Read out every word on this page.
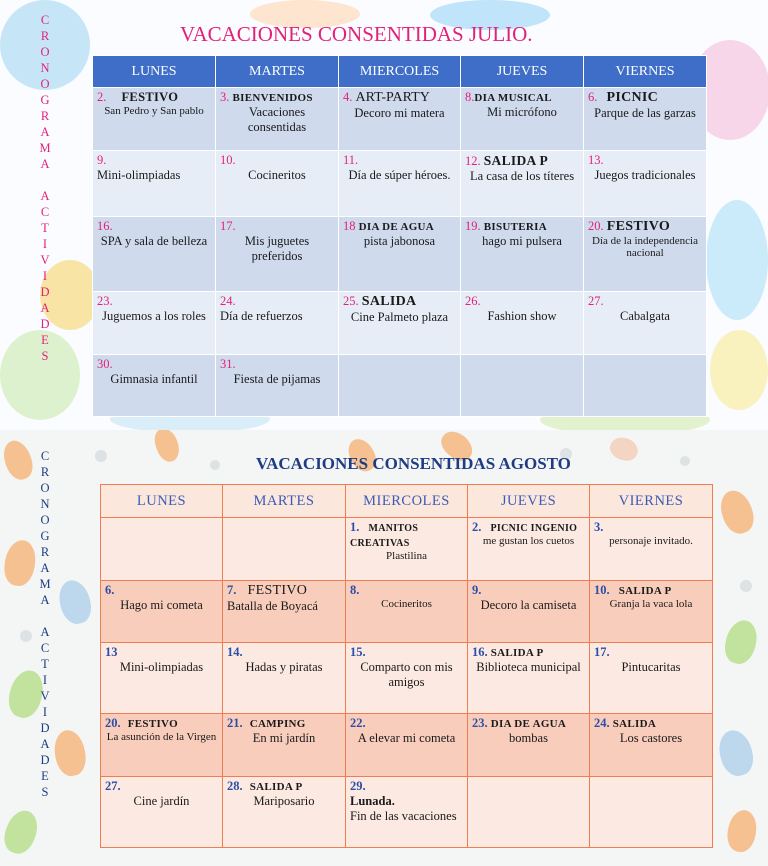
C
R
O
N
O
G
R
A
M
A

A
C
T
I
V
I
D
A
D
E
S
VACACIONES CONSENTIDAS JULIO.
LUNES	MARTES	MIERCOLES	JUEVES	VIERNES
2. FESTIVO
San Pedro y San pablo	3. BIENVENIDOS
Vacaciones consentidas	4. ART-PARTY
Decoro mi matera	8.DIA MUSICAL
Mi micrófono	6. PICNIC
Parque de las garzas

9.
Mini-olimpiadas	10.
Cocineritos	11.
Día de súper héroes.	12. SALIDA P
La casa de los títeres	13.
Juegos tradicionales

16.
SPA y sala de belleza	17.
Mis juguetes preferidos	18 DIA DE AGUA
pista jabonosa	19. BISUTERIA
hago mi pulsera	20. FESTIVO
Día de la independencia nacional

23.
Juguemos a los roles	24.
Día de refuerzos	25. SALIDA
Cine Palmeto plaza	26.
Fashion show	27.
Cabalgata

30.
Gimnasia infantil	31.
Fiesta de pijamas			

C
R
O
N
O
G
R
A
M
A

A
C
T
I
V
I
D
A
D
E
S
VACACIONES CONSENTIDAS AGOSTO
LUNES	MARTES	MIERCOLES	JUEVES	VIERNES
		1. MANITOS CREATIVAS
Plastilina	2. PICNIC INGENIO
me gustan los cuetos	3.
personaje invitado.

6.
Hago mi cometa	7. FESTIVO
Batalla de Boyacá	8.
Cocineritos	9.
Decoro la camiseta	10. SALIDA P
Granja la vaca lola

13
Mini-olimpiadas	14.
Hadas y piratas	15.
Comparto con mis amigos	16. SALIDA P
Biblioteca municipal	17.
Pintucaritas

20. FESTIVO
La asunción de la Virgen	21. CAMPING
En mi jardín	22.
A elevar mi cometa	23. DIA DE AGUA
bombas	24. SALIDA
Los castores

27.
Cine jardín	28. SALIDA P
Mariposario	29.
Lunada.
Fin de las vacaciones		
